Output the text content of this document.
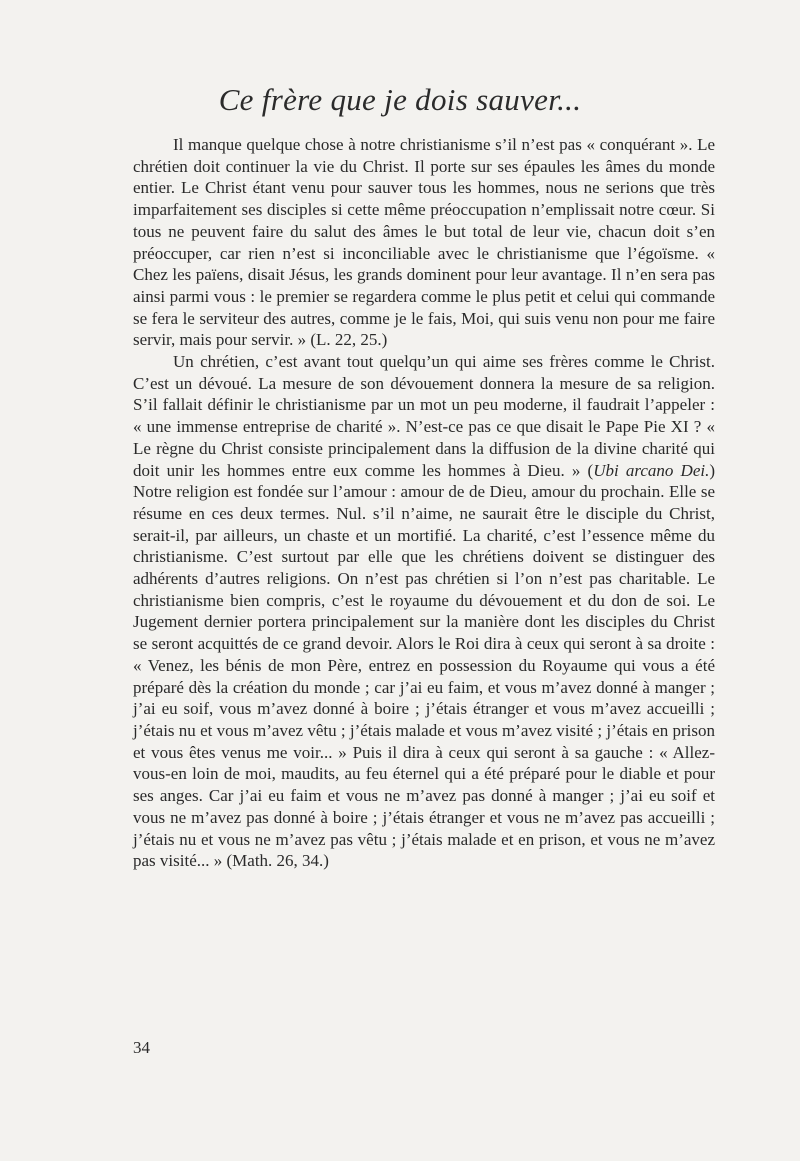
Ce frère que je dois sauver...

Il manque quelque chose à notre christianisme s’il n’est pas « conquérant ». Le chrétien doit continuer la vie du Christ. Il porte sur ses épaules les âmes du monde entier. Le Christ étant venu pour sauver tous les hommes, nous ne serions que très imparfaitement ses disciples si cette même préoccupation n’emplissait notre cœur. Si tous ne peuvent faire du salut des âmes le but total de leur vie, chacun doit s’en préoccuper, car rien n’est si inconciliable avec le christianisme que l’égoïsme. « Chez les païens, disait Jésus, les grands dominent pour leur avantage. Il n’en sera pas ainsi parmi vous : le premier se regardera comme le plus petit et celui qui commande se fera le serviteur des autres, comme je le fais, Moi, qui suis venu non pour me faire servir, mais pour servir. » (L. 22, 25.)

Un chrétien, c’est avant tout quelqu’un qui aime ses frères comme le Christ. C’est un dévoué. La mesure de son dévouement donnera la mesure de sa religion. S’il fallait définir le christianisme par un mot un peu moderne, il faudrait l’appeler : « une immense entreprise de charité ». N’est-ce pas ce que disait le Pape Pie XI ? « Le règne du Christ consiste principalement dans la diffusion de la divine charité qui doit unir les hommes entre eux comme les hommes à Dieu. » (Ubi arcano Dei.) Notre religion est fondée sur l’amour : amour de de Dieu, amour du prochain. Elle se résume en ces deux termes. Nul. s’il n’aime, ne saurait être le disciple du Christ, serait-il, par ailleurs, un chaste et un mortifié. La charité, c’est l’essence même du christianisme. C’est surtout par elle que les chrétiens doivent se distinguer des adhérents d’autres religions. On n’est pas chrétien si l’on n’est pas charitable. Le christianisme bien compris, c’est le royaume du dévouement et du don de soi. Le Jugement dernier portera principalement sur la manière dont les disciples du Christ se seront acquittés de ce grand devoir. Alors le Roi dira à ceux qui seront à sa droite : « Venez, les bénis de mon Père, entrez en possession du Royaume qui vous a été préparé dès la création du monde ; car j’ai eu faim, et vous m’avez donné à manger ; j’ai eu soif, vous m’avez donné à boire ; j’étais étranger et vous m’avez accueilli ; j’étais nu et vous m’avez vêtu ; j’étais malade et vous m’avez visité ; j’étais en prison et vous êtes venus me voir... » Puis il dira à ceux qui seront à sa gauche : « Allez-vous-en loin de moi, maudits, au feu éternel qui a été préparé pour le diable et pour ses anges. Car j’ai eu faim et vous ne m’avez pas donné à manger ; j’ai eu soif et vous ne m’avez pas donné à boire ; j’étais étranger et vous ne m’avez pas accueilli ; j’étais nu et vous ne m’avez pas vêtu ; j’étais malade et en prison, et vous ne m’avez pas visité... » (Math. 26, 34.)

34
